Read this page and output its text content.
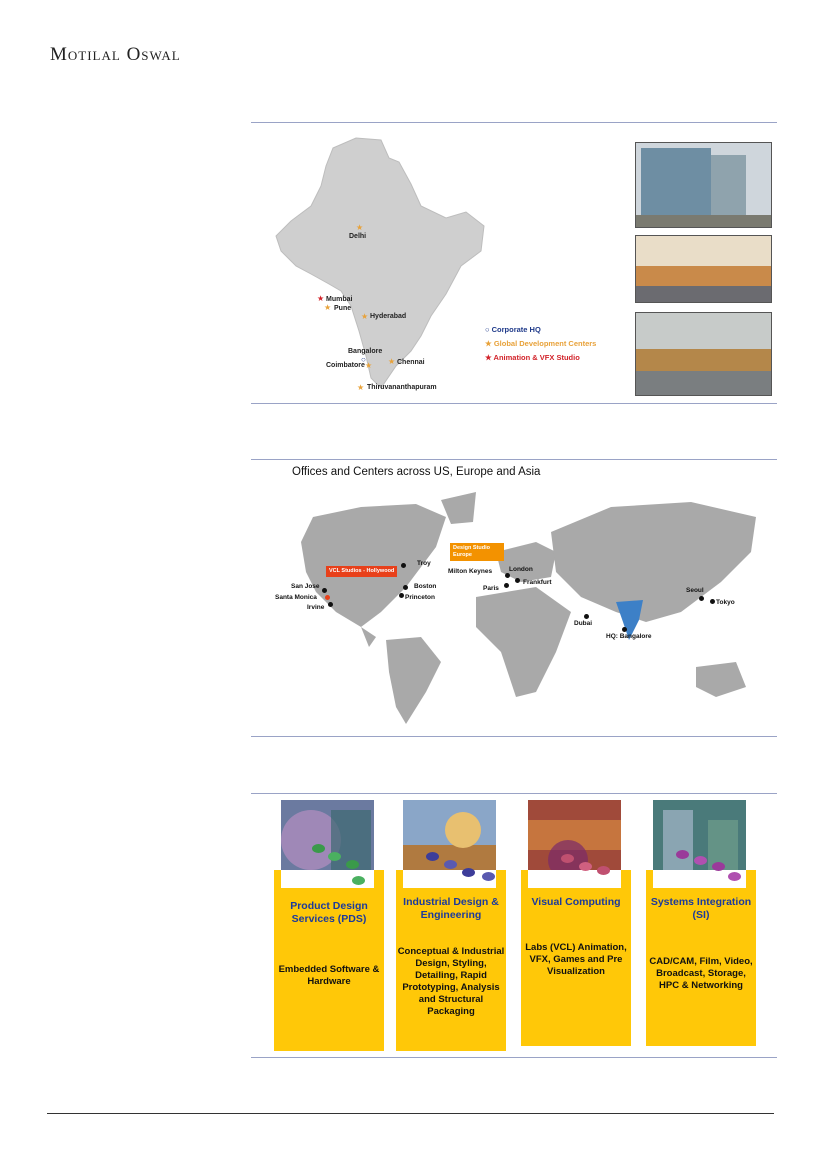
Motilal Oswal
★
Delhi
★ Mumbai
★ Pune
★ Hyderabad
Bangalore
○	★ Chennai
Coimbatore ★
★ Thiruvananthapuram
○ Corporate HQ
★ Global Development Centers
★ Animation & VFX Studio
Offices and Centers across US, Europe and Asia
VCL Studios - Hollywood
Design Studio Europe
Troy
Boston
Princeton
San Jose
Santa Monica
Irvine
Milton Keynes	London
Frankfurt
Paris
Dubai
HQ: Bangalore
Seoul
Tokyo
Product Design Services (PDS)
Embedded Software & Hardware
Industrial Design & Engineering
Conceptual & Industrial Design, Styling, Detailing, Rapid Prototyping, Analysis and Structural Packaging
Visual Computing
Labs (VCL) Animation, VFX, Games and Pre Visualization
Systems Integration (SI)
CAD/CAM, Film, Video, Broadcast, Storage, HPC & Networking
